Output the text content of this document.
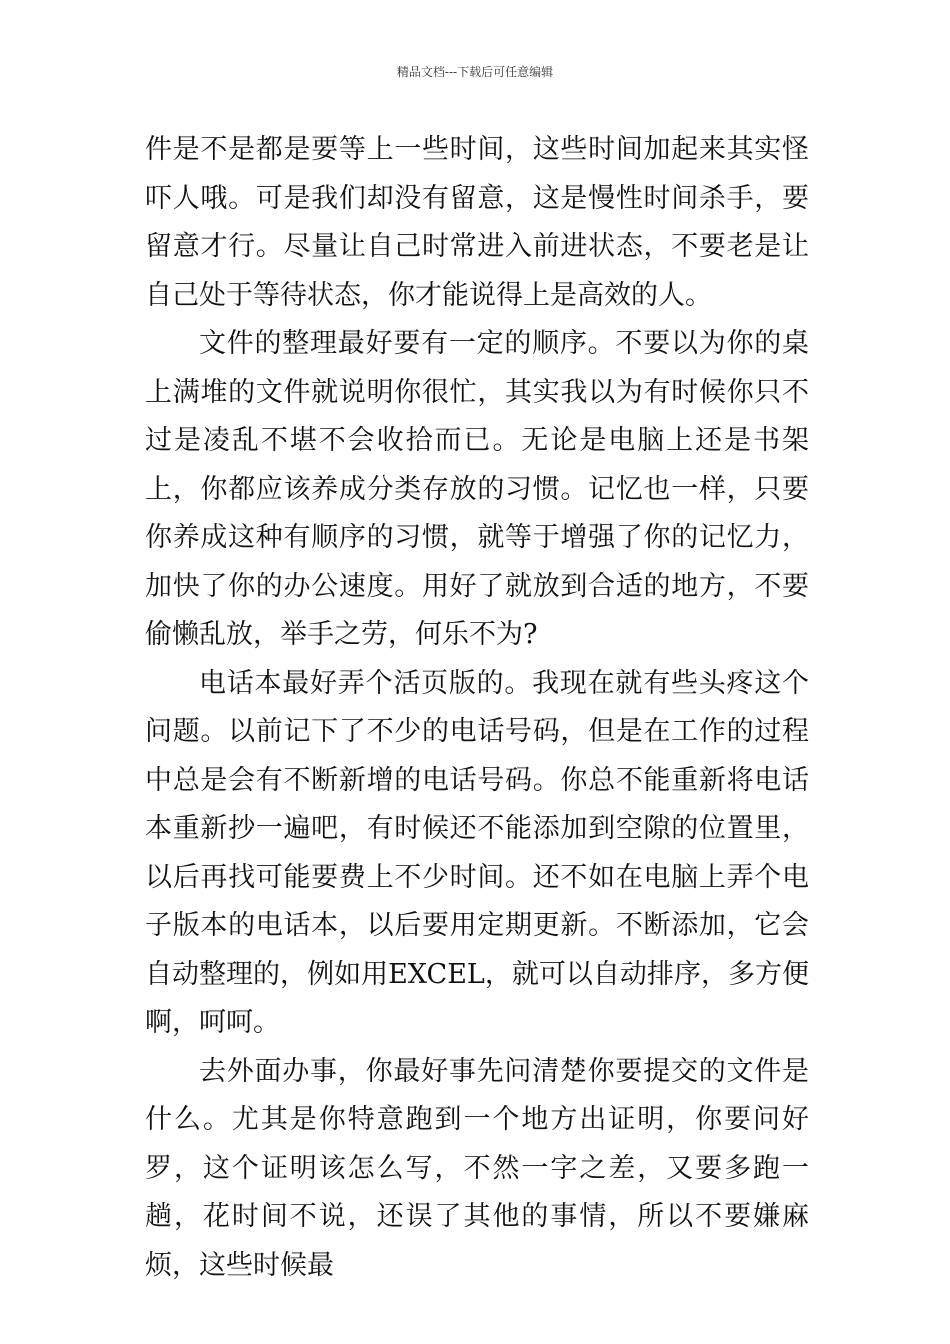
精品文档---下载后可任意编辑

件是不是都是要等上一些时间，这些时间加起来其实怪吓人哦。可是我们却没有留意，这是慢性时间杀手，要留意才行。尽量让自己时常进入前进状态，不要老是让自己处于等待状态，你才能说得上是高效的人。

文件的整理最好要有一定的顺序。不要以为你的桌上满堆的文件就说明你很忙，其实我以为有时候你只不过是凌乱不堪不会收拾而已。无论是电脑上还是书架上，你都应该养成分类存放的习惯。记忆也一样，只要你养成这种有顺序的习惯，就等于增强了你的记忆力，加快了你的办公速度。用好了就放到合适的地方，不要偷懒乱放，举手之劳，何乐不为?

电话本最好弄个活页版的。我现在就有些头疼这个问题。以前记下了不少的电话号码，但是在工作的过程中总是会有不断新增的电话号码。你总不能重新将电话本重新抄一遍吧，有时候还不能添加到空隙的位置里，以后再找可能要费上不少时间。还不如在电脑上弄个电子版本的电话本，以后要用定期更新。不断添加，它会自动整理的，例如用EXCEL，就可以自动排序，多方便啊，呵呵。

去外面办事，你最好事先问清楚你要提交的文件是什么。尤其是你特意跑到一个地方出证明，你要问好罗，这个证明该怎么写，不然一字之差，又要多跑一趟，花时间不说，还误了其他的事情，所以不要嫌麻烦，这些时候最
